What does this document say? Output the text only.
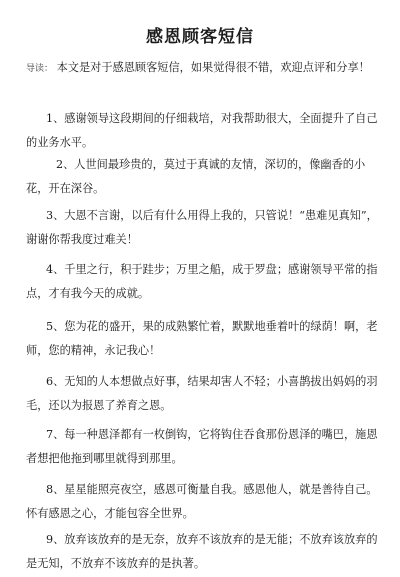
感恩顾客短信
导读： 本文是对于感恩顾客短信，如果觉得很不错，欢迎点评和分享！
1、感谢领导这段期间的仔细栽培，对我帮助很大，全面提升了自己的业务水平。
2、人世间最珍贵的，莫过于真诚的友情，深切的，像幽香的小花，开在深谷。
3、大恩不言谢，以后有什么用得上我的，只管说！“患难见真知”，谢谢你帮我度过难关！
4、千里之行，积于跬步；万里之船，成于罗盘；感谢领导平常的指点，才有我今天的成就。
5、您为花的盛开，果的成熟繁忙着，默默地垂着叶的绿荫！啊，老师，您的精神，永记我心！
6、无知的人本想做点好事，结果却害人不轻；小喜鹊拔出妈妈的羽毛，还以为报恩了养育之恩。
7、每一种恩泽都有一枚倒钩，它将钩住吞食那份恩泽的嘴巴，施恩者想把他拖到哪里就得到那里。
8、星星能照亮夜空，感恩可衡量自我。感恩他人，就是善待自己。怀有感恩之心，才能包容全世界。
9、放弃该放弃的是无奈，放弃不该放弃的是无能；不放弃该放弃的是无知，不放弃不该放弃的是执著。
